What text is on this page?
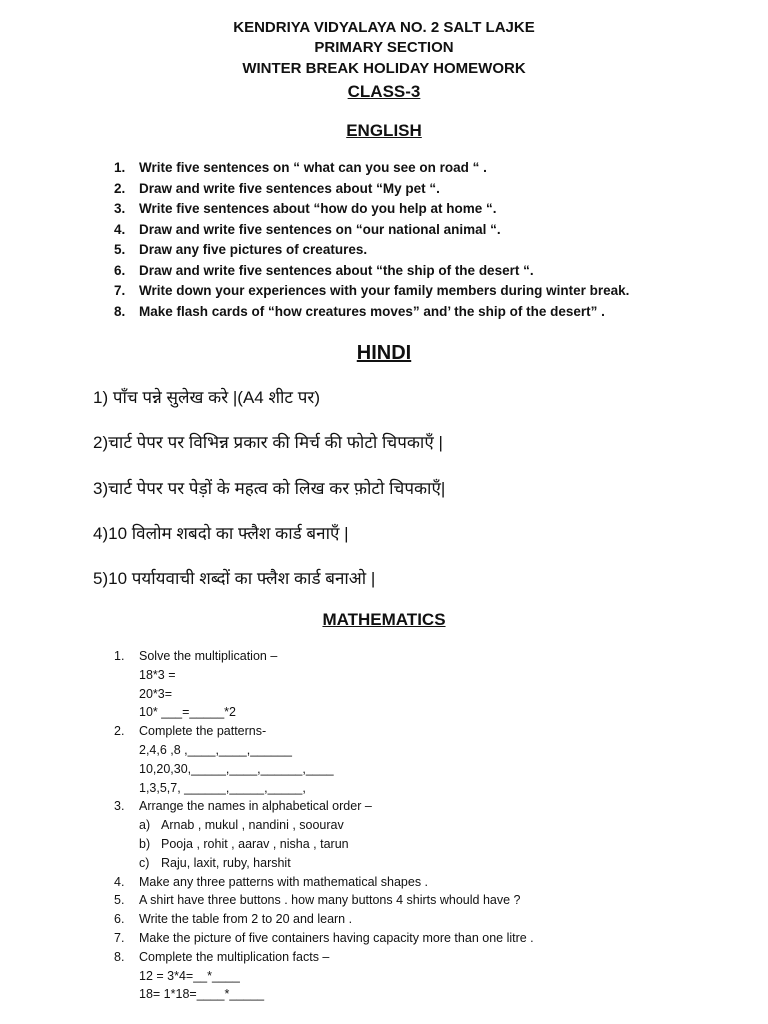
KENDRIYA VIDYALAYA NO. 2 SALT LAJKE
PRIMARY SECTION
WINTER BREAK HOLIDAY HOMEWORK
CLASS-3
ENGLISH
1.	Write five sentences on “ what can you see on road “ .
2.	Draw and write five sentences about “My pet “.
3.	Write five sentences about “how do you help at home “.
4.	Draw and write five sentences on “our national animal “.
5.	Draw any five pictures of creatures.
6.	Draw and write five sentences about “the ship of the desert “.
7.	Write down your experiences with your family members during winter break.
8.	Make flash cards of “how creatures moves” and’ the ship of the desert” .
HINDI
1) पाँच पन्ने सुलेख करे |(A4 शीट पर)
2)चार्ट पेपर पर विभिन्न प्रकार की मिर्च की फोटो चिपकाएँ |
3)चार्ट पेपर पर पेड़ों के महत्व को लिख कर फ़ोटो चिपकाएँ|
4)10 विलोम शबदो का फ्लैश कार्ड बनाएँ |
5)10 पर्यायवाची शब्दों का फ्लैश कार्ड बनाओ |
MATHEMATICS
1.	Solve the multiplication –
18*3 =
20*3=
10* ___=_____*2
2.	Complete the patterns-
2,4,6 ,8 ,____,____,______
10,20,30,_____,____,______,____
1,3,5,7, ______,_____,_____,
3.	Arrange the names in alphabetical order –
a) Arnab , mukul , nandini , soourav
b) Pooja , rohit , aarav , nisha , tarun
c) Raju, laxit, ruby, harshit
4.	Make any three patterns with mathematical shapes .
5.	A shirt have three buttons . how many buttons 4 shirts whould have ?
6.	Write the table from 2 to 20 and learn .
7.	Make the picture of five containers having capacity more than one litre .
8.	Complete the multiplication facts –
12 = 3*4=__*____
18= 1*18=____*_____
